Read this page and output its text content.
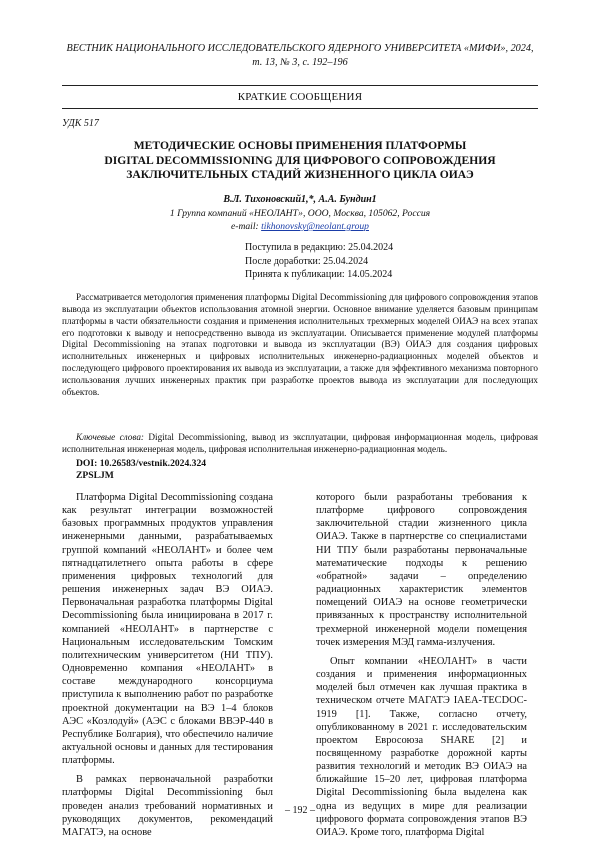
ВЕСТНИК НАЦИОНАЛЬНОГО ИССЛЕДОВАТЕЛЬСКОГО ЯДЕРНОГО УНИВЕРСИТЕТА «МИФИ», 2024,
т. 13, № 3, с. 192–196
КРАТКИЕ СООБЩЕНИЯ
УДК 517
МЕТОДИЧЕСКИЕ ОСНОВЫ ПРИМЕНЕНИЯ ПЛАТФОРМЫ
DIGITAL DECOMMISSIONING ДЛЯ ЦИФРОВОГО СОПРОВОЖДЕНИЯ
ЗАКЛЮЧИТЕЛЬНЫХ СТАДИЙ ЖИЗНЕННОГО ЦИКЛА ОИАЭ
В.Л. Тихоновский1,*, А.А. Бундин1
1 Группа компаний «НЕОЛАНТ», ООО, Москва, 105062, Россия
e-mail: tikhonovsky@neolant.group
Поступила в редакцию: 25.04.2024
После доработки: 25.04.2024
Принята к публикации: 14.05.2024
Рассматривается методология применения платформы Digital Decommissioning для цифрового сопровождения этапов вывода из эксплуатации объектов использования атомной энергии. Основное внимание уделяется базовым принципам платформы в части обязательности создания и применения исполнительных трехмерных моделей ОИАЭ на всех этапах его подготовки к выводу и непосредственно вывода из эксплуатации. Описывается применение модулей платформы Digital Decommissioning на этапах подготовки и вывода из эксплуатации (ВЭ) ОИАЭ для создания цифровых исполнительных инженерных и цифровых исполнительных инженерно-радиационных моделей объектов и последующего цифрового проектирования их вывода из эксплуатации, а также для эффективного механизма повторного использования лучших инженерных практик при разработке проектов вывода из эксплуатации для последующих объектов.
Ключевые слова: Digital Decommissioning, вывод из эксплуатации, цифровая информационная модель, цифровая исполнительная инженерная модель, цифровая исполнительная инженерно-радиационная модель.
DOI: 10.26583/vestnik.2024.324
ZPSLJM

Платформа Digital Decommissioning создана как результат интеграции возможностей базовых программных продуктов управления инженерными данными, разрабатываемых группой компаний «НЕОЛАНТ» и более чем пятнадцатилетнего опыта работы в сфере применения цифровых технологий для решения инженерных задач ВЭ ОИАЭ. Первоначальная разработка платформы Digital Decommissioning была инициирована в 2017 г. компанией «НЕОЛАНТ» в партнерстве с Национальным исследовательским Томским политехническим университетом (НИ ТПУ). Одновременно компания «НЕОЛАНТ» в составе международного консорциума приступила к выполнению работ по разработке проектной документации на ВЭ 1–4 блоков АЭС «Козлодуй» (АЭС с блоками ВВЭР-440 в Республике Болгария), что обеспечило наличие актуальной основы и данных для тестирования платформы.

В рамках первоначальной разработки платформы Digital Decommissioning был проведен анализ требований нормативных и руководящих документов, рекомендаций МАГАТЭ, на основе

которого были разработаны требования к платформе цифрового сопровождения заключительной стадии жизненного цикла ОИАЭ. Также в партнерстве со специалистами НИ ТПУ были разработаны первоначальные математические подходы к решению «обратной» задачи – определению радиационных характеристик элементов помещений ОИАЭ на основе геометрически привязанных к пространству исполнительной трехмерной инженерной модели помещения точек измерения МЭД гамма-излучения.

Опыт компании «НЕОЛАНТ» в части создания и применения информационных моделей был отмечен как лучшая практика в техническом отчете МАГАТЭ IAEA-TECDOC-1919 [1]. Также, согласно отчету, опубликованному в 2021 г. исследовательским проектом Евросоюза SHARE [2] и посвященному разработке дорожной карты развития технологий и методик ВЭ ОИАЭ на ближайшие 15–20 лет, цифровая платформа Digital Decommissioning была выделена как одна из ведущих в мире для реализации цифрового формата сопровождения этапов ВЭ ОИАЭ. Кроме того, платформа Digital

– 192 –
